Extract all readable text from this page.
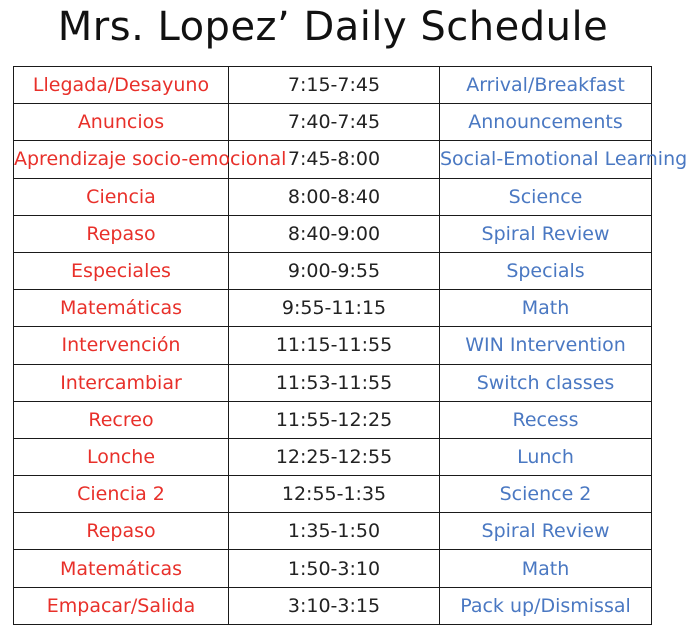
Mrs. Lopez’ Daily Schedule
Llegada/Desayuno	7:15-7:45	Arrival/Breakfast
Anuncios	7:40-7:45	Announcements
Aprendizaje socio-emocional	7:45-8:00	Social-Emotional Learning
Ciencia	8:00-8:40	Science
Repaso	8:40-9:00	Spiral Review
Especiales	9:00-9:55	Specials
Matemáticas	9:55-11:15	Math
Intervención	11:15-11:55	WIN Intervention
Intercambiar	11:53-11:55	Switch classes
Recreo	11:55-12:25	Recess
Lonche	12:25-12:55	Lunch
Ciencia 2	12:55-1:35	Science 2
Repaso	1:35-1:50	Spiral Review
Matemáticas	1:50-3:10	Math
Empacar/Salida	3:10-3:15	Pack up/Dismissal
